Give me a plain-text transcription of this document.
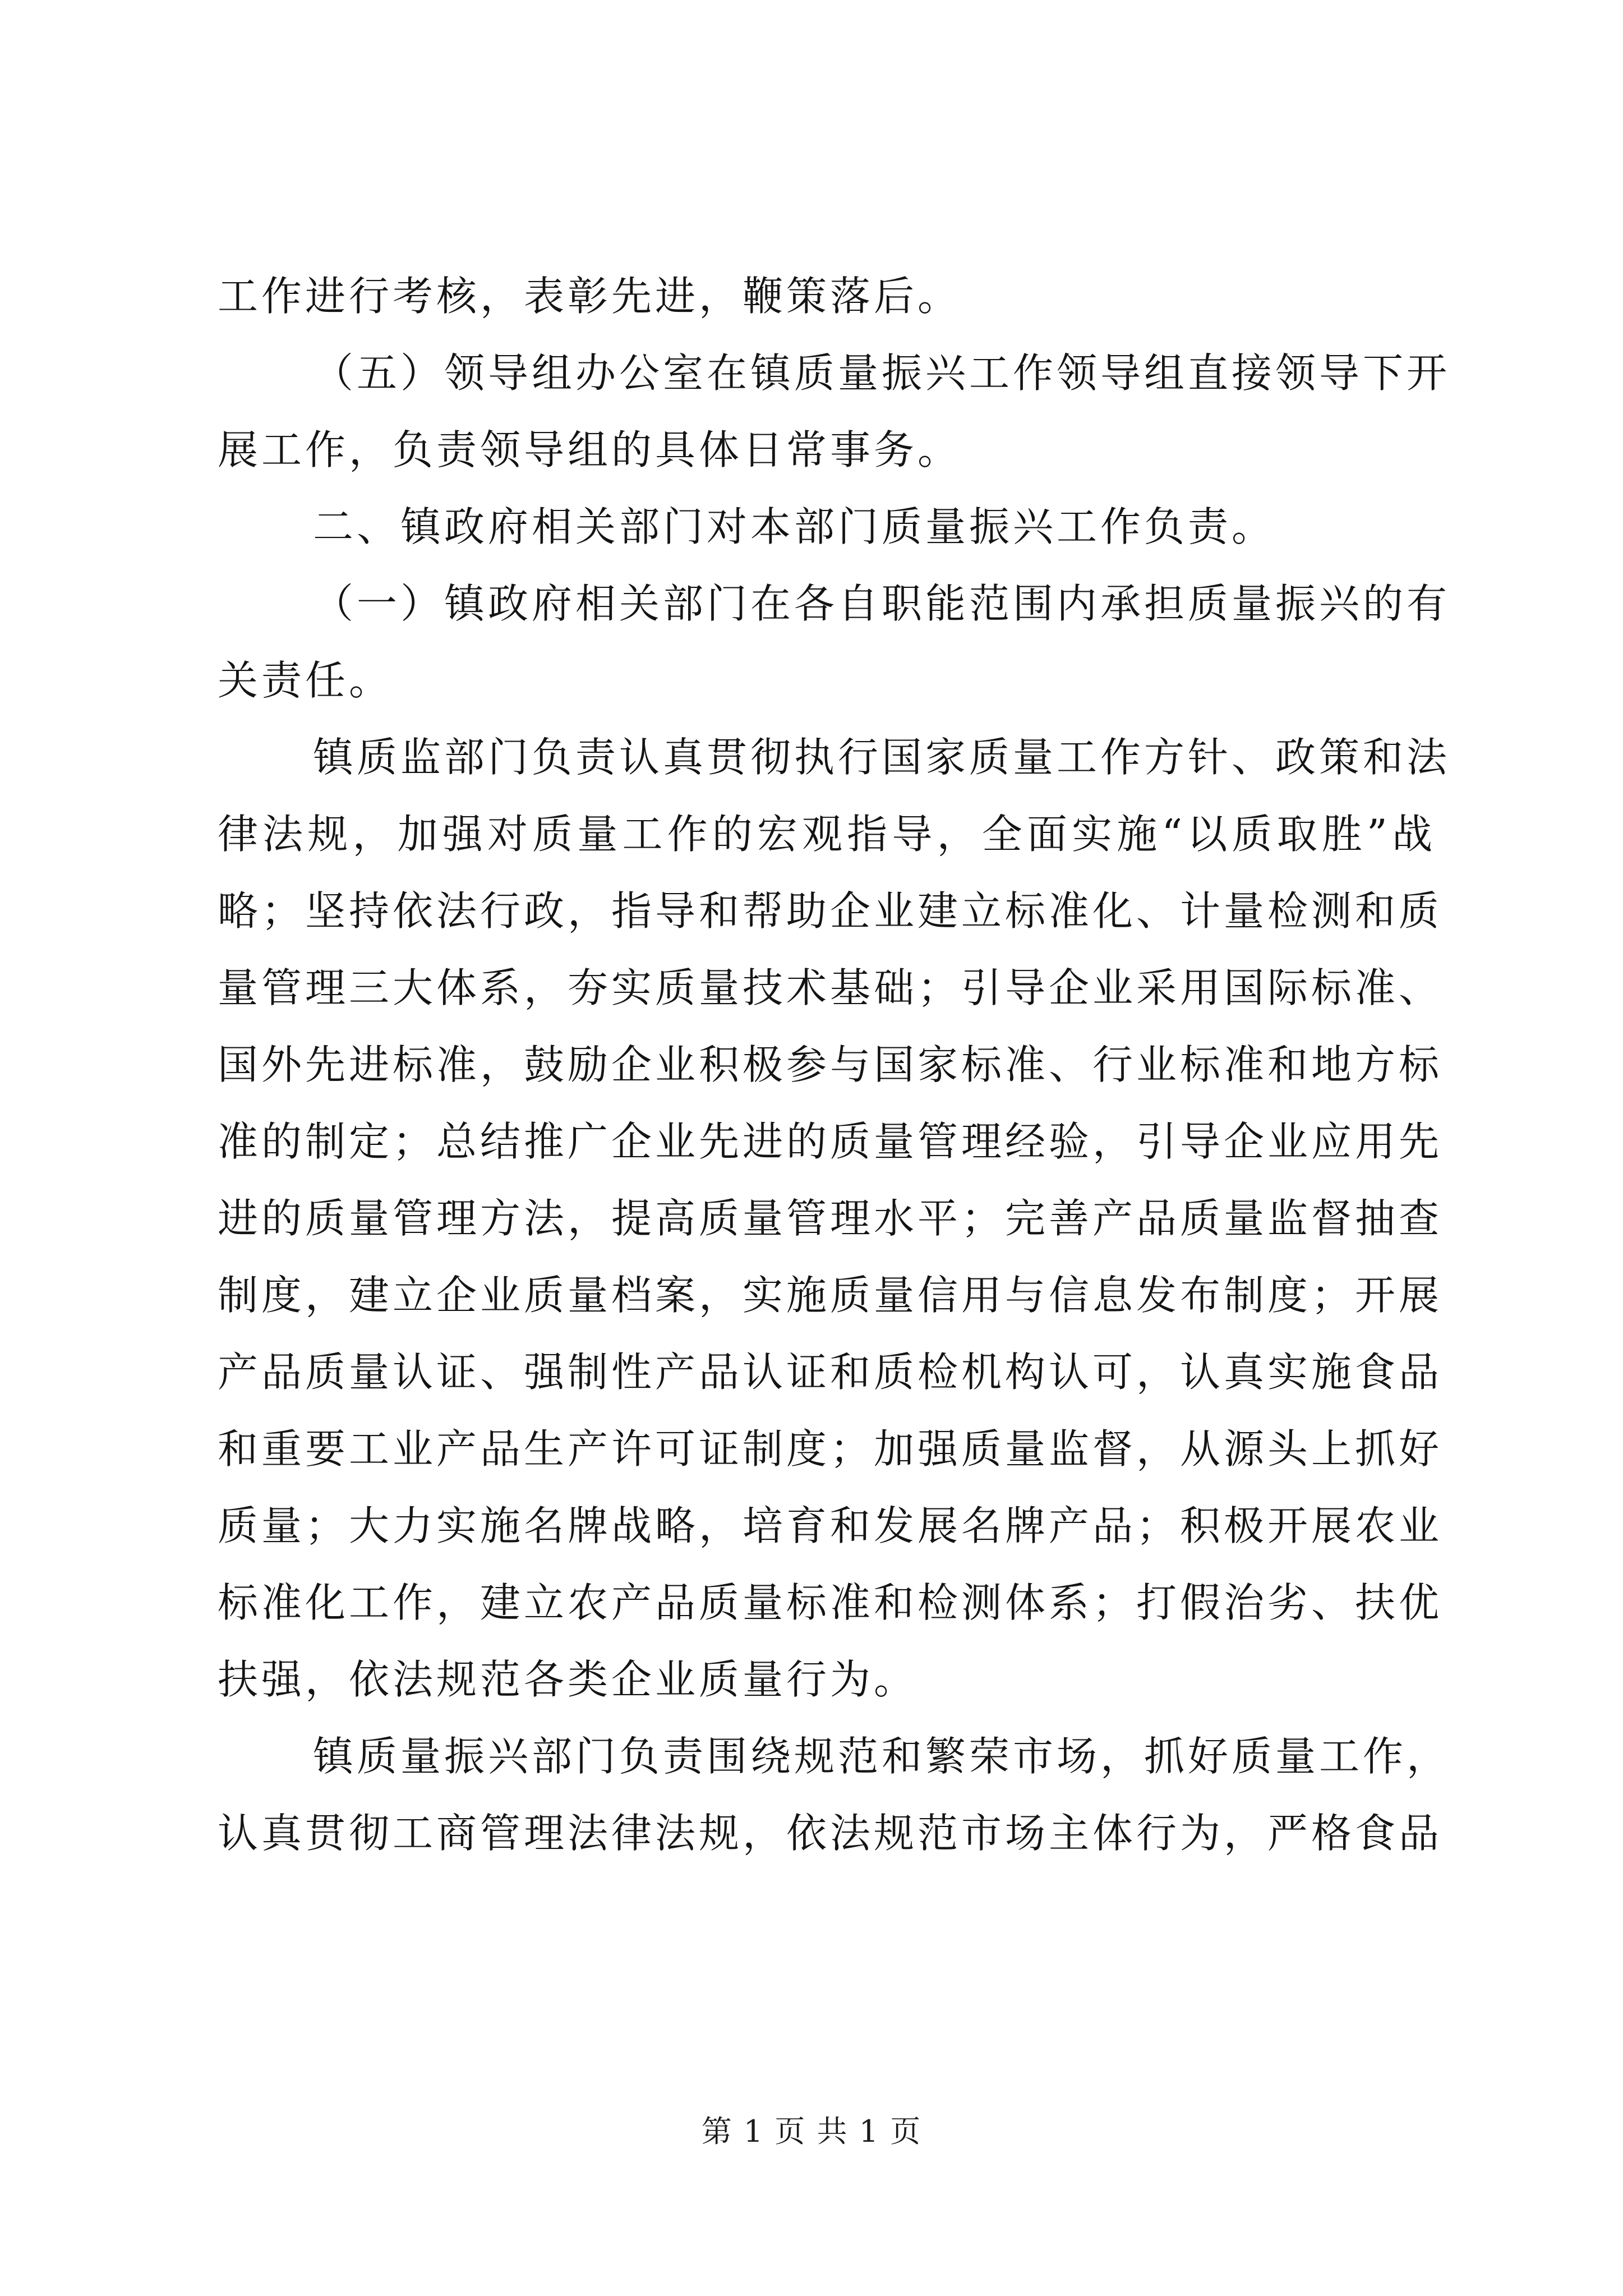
工作进行考核，表彰先进，鞭策落后。
（五）领导组办公室在镇质量振兴工作领导组直接领导下开
展工作，负责领导组的具体日常事务。
二、镇政府相关部门对本部门质量振兴工作负责。
（一）镇政府相关部门在各自职能范围内承担质量振兴的有
关责任。
镇质监部门负责认真贯彻执行国家质量工作方针、政策和法
律法规，加强对质量工作的宏观指导，全面实施“以质取胜”战
略；坚持依法行政，指导和帮助企业建立标准化、计量检测和质
量管理三大体系，夯实质量技术基础；引导企业采用国际标准、
国外先进标准，鼓励企业积极参与国家标准、行业标准和地方标
准的制定；总结推广企业先进的质量管理经验，引导企业应用先
进的质量管理方法，提高质量管理水平；完善产品质量监督抽查
制度，建立企业质量档案，实施质量信用与信息发布制度；开展
产品质量认证、强制性产品认证和质检机构认可，认真实施食品
和重要工业产品生产许可证制度；加强质量监督，从源头上抓好
质量；大力实施名牌战略，培育和发展名牌产品；积极开展农业
标准化工作，建立农产品质量标准和检测体系；打假治劣、扶优
扶强，依法规范各类企业质量行为。
镇质量振兴部门负责围绕规范和繁荣市场，抓好质量工作，
认真贯彻工商管理法律法规，依法规范市场主体行为，严格食品
第 1 页 共 1 页
